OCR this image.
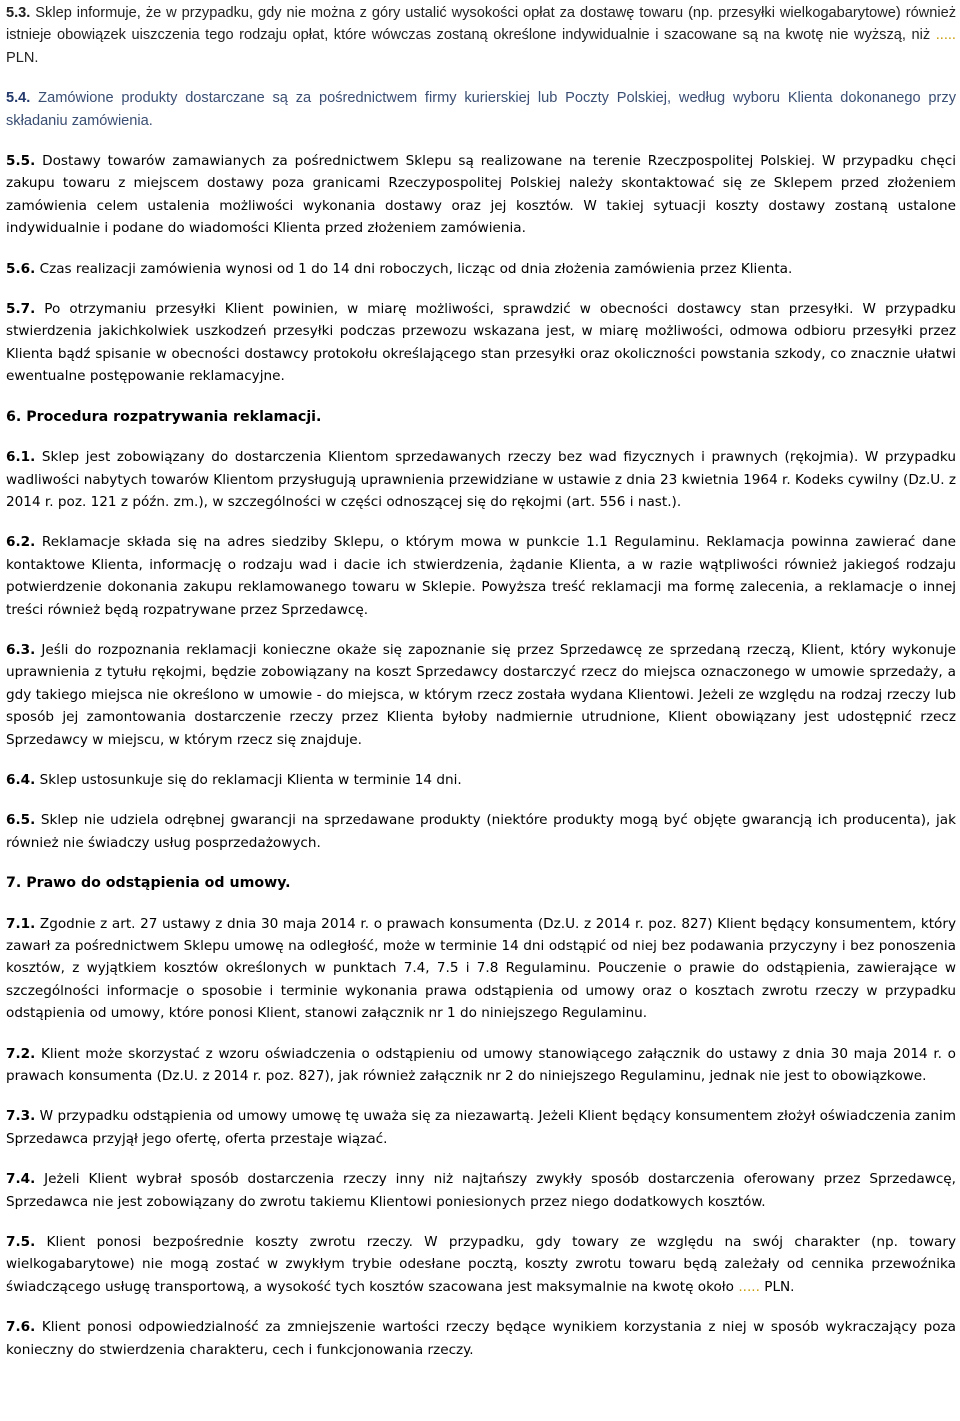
5.3. Sklep informuje, że w przypadku, gdy nie można z góry ustalić wysokości opłat za dostawę towaru (np. przesyłki wielkogabarytowe) również istnieje obowiązek uiszczenia tego rodzaju opłat, które wówczas zostaną określone indywidualnie i szacowane są na kwotę nie wyższą, niż ..... PLN.

5.4. Zamówione produkty dostarczane są za pośrednictwem firmy kurierskiej lub Poczty Polskiej, według wyboru Klienta dokonanego przy składaniu zamówienia.

5.5. Dostawy towarów zamawianych za pośrednictwem Sklepu są realizowane na terenie Rzeczpospolitej Polskiej. W przypadku chęci zakupu towaru z miejscem dostawy poza granicami Rzeczypospolitej Polskiej należy skontaktować się ze Sklepem przed złożeniem zamówienia celem ustalenia możliwości wykonania dostawy oraz jej kosztów. W takiej sytuacji koszty dostawy zostaną ustalone indywidualnie i podane do wiadomości Klienta przed złożeniem zamówienia.

5.6. Czas realizacji zamówienia wynosi od 1 do 14 dni roboczych, licząc od dnia złożenia zamówienia przez Klienta.

5.7. Po otrzymaniu przesyłki Klient powinien, w miarę możliwości, sprawdzić w obecności dostawcy stan przesyłki. W przypadku stwierdzenia jakichkolwiek uszkodzeń przesyłki podczas przewozu wskazana jest, w miarę możliwości, odmowa odbioru przesyłki przez Klienta bądź spisanie w obecności dostawcy protokołu określającego stan przesyłki oraz okoliczności powstania szkody, co znacznie ułatwi ewentualne postępowanie reklamacyjne.

6. Procedura rozpatrywania reklamacji.

6.1. Sklep jest zobowiązany do dostarczenia Klientom sprzedawanych rzeczy bez wad fizycznych i prawnych (rękojmia). W przypadku wadliwości nabytych towarów Klientom przysługują uprawnienia przewidziane w ustawie z dnia 23 kwietnia 1964 r. Kodeks cywilny (Dz.U. z 2014 r. poz. 121 z późn. zm.), w szczególności w części odnoszącej się do rękojmi (art. 556 i nast.).

6.2. Reklamacje składa się na adres siedziby Sklepu, o którym mowa w punkcie 1.1 Regulaminu. Reklamacja powinna zawierać dane kontaktowe Klienta, informację o rodzaju wad i dacie ich stwierdzenia, żądanie Klienta, a w razie wątpliwości również jakiegoś rodzaju potwierdzenie dokonania zakupu reklamowanego towaru w Sklepie. Powyższa treść reklamacji ma formę zalecenia, a reklamacje o innej treści również będą rozpatrywane przez Sprzedawcę.

6.3. Jeśli do rozpoznania reklamacji konieczne okaże się zapoznanie się przez Sprzedawcę ze sprzedaną rzeczą, Klient, który wykonuje uprawnienia z tytułu rękojmi, będzie zobowiązany na koszt Sprzedawcy dostarczyć rzecz do miejsca oznaczonego w umowie sprzedaży, a gdy takiego miejsca nie określono w umowie - do miejsca, w którym rzecz została wydana Klientowi. Jeżeli ze względu na rodzaj rzeczy lub sposób jej zamontowania dostarczenie rzeczy przez Klienta byłoby nadmiernie utrudnione, Klient obowiązany jest udostępnić rzecz Sprzedawcy w miejscu, w którym rzecz się znajduje.

6.4. Sklep ustosunkuje się do reklamacji Klienta w terminie 14 dni.

6.5. Sklep nie udziela odrębnej gwarancji na sprzedawane produkty (niektóre produkty mogą być objęte gwarancją ich producenta), jak również nie świadczy usług posprzedażowych.

7. Prawo do odstąpienia od umowy.

7.1. Zgodnie z art. 27 ustawy z dnia 30 maja 2014 r. o prawach konsumenta (Dz.U. z 2014 r. poz. 827) Klient będący konsumentem, który zawarł za pośrednictwem Sklepu umowę na odległość, może w terminie 14 dni odstąpić od niej bez podawania przyczyny i bez ponoszenia kosztów, z wyjątkiem kosztów określonych w punktach 7.4, 7.5 i 7.8 Regulaminu. Pouczenie o prawie do odstąpienia, zawierające w szczególności informacje o sposobie i terminie wykonania prawa odstąpienia od umowy oraz o kosztach zwrotu rzeczy w przypadku odstąpienia od umowy, które ponosi Klient, stanowi załącznik nr 1 do niniejszego Regulaminu.

7.2. Klient może skorzystać z wzoru oświadczenia o odstąpieniu od umowy stanowiącego załącznik do ustawy z dnia 30 maja 2014 r. o prawach konsumenta (Dz.U. z 2014 r. poz. 827), jak również załącznik nr 2 do niniejszego Regulaminu, jednak nie jest to obowiązkowe.

7.3. W przypadku odstąpienia od umowy umowę tę uważa się za niezawartą. Jeżeli Klient będący konsumentem złożył oświadczenia zanim Sprzedawca przyjął jego ofertę, oferta przestaje wiązać.

7.4. Jeżeli Klient wybrał sposób dostarczenia rzeczy inny niż najtańszy zwykły sposób dostarczenia oferowany przez Sprzedawcę, Sprzedawca nie jest zobowiązany do zwrotu takiemu Klientowi poniesionych przez niego dodatkowych kosztów.

7.5. Klient ponosi bezpośrednie koszty zwrotu rzeczy. W przypadku, gdy towary ze względu na swój charakter (np. towary wielkogabarytowe) nie mogą zostać w zwykłym trybie odesłane pocztą, koszty zwrotu towaru będą zależały od cennika przewoźnika świadczącego usługę transportową, a wysokość tych kosztów szacowana jest maksymalnie na kwotę około ..... PLN.

7.6. Klient ponosi odpowiedzialność za zmniejszenie wartości rzeczy będące wynikiem korzystania z niej w sposób wykraczający poza konieczny do stwierdzenia charakteru, cech i funkcjonowania rzeczy.
